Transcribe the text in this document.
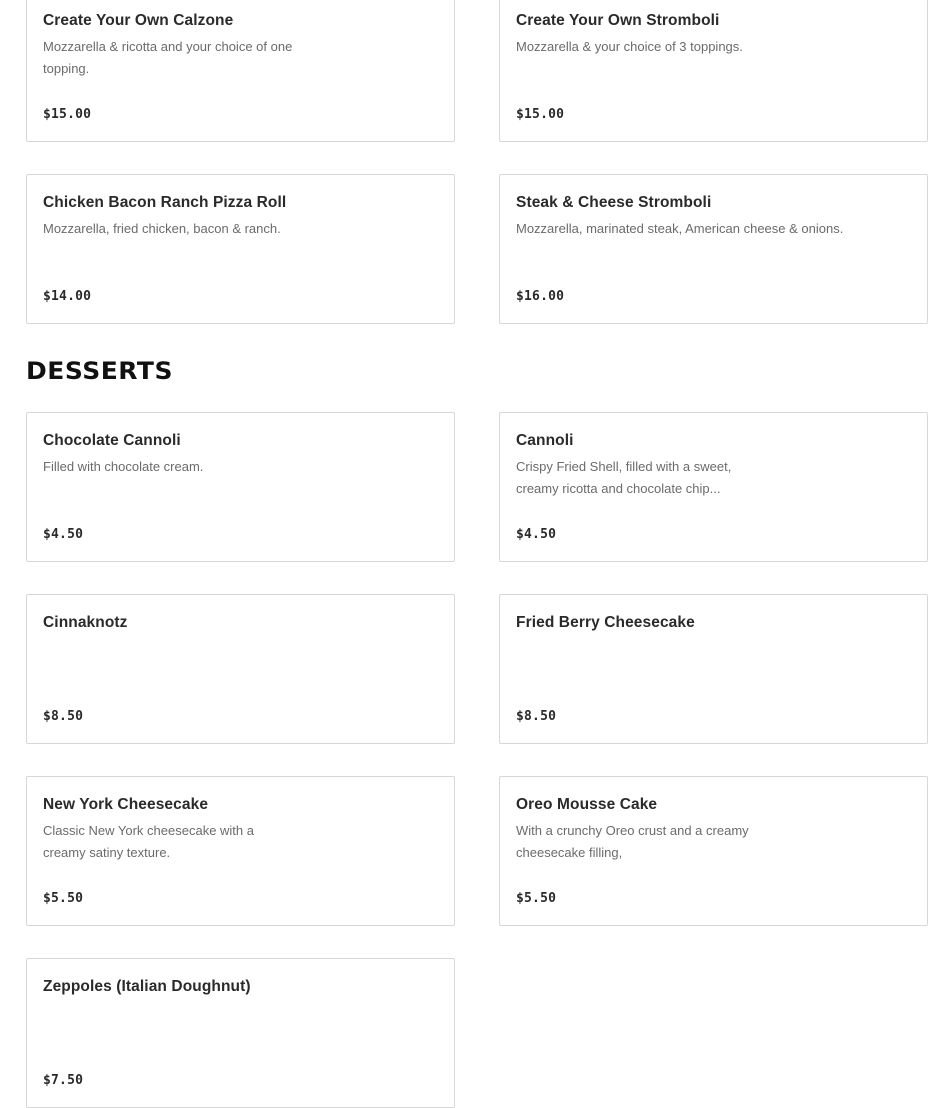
Create Your Own Calzone
Mozzarella & ricotta and your choice of one topping.
$15.00
Create Your Own Stromboli
Mozzarella & your choice of 3 toppings.
$15.00
Chicken Bacon Ranch Pizza Roll
Mozzarella, fried chicken, bacon & ranch.
$14.00
Steak & Cheese Stromboli
Mozzarella, marinated steak, American cheese & onions.
$16.00
DESSERTS
Chocolate Cannoli
Filled with chocolate cream.
$4.50
Cannoli
Crispy Fried Shell, filled with a sweet, creamy ricotta and chocolate chip...
$4.50
Cinnaknotz
$8.50
Fried Berry Cheesecake
$8.50
New York Cheesecake
Classic New York cheesecake with a creamy satiny texture.
$5.50
Oreo Mousse Cake
With a crunchy Oreo crust and a creamy cheesecake filling,
$5.50
Zeppoles (Italian Doughnut)
$7.50
